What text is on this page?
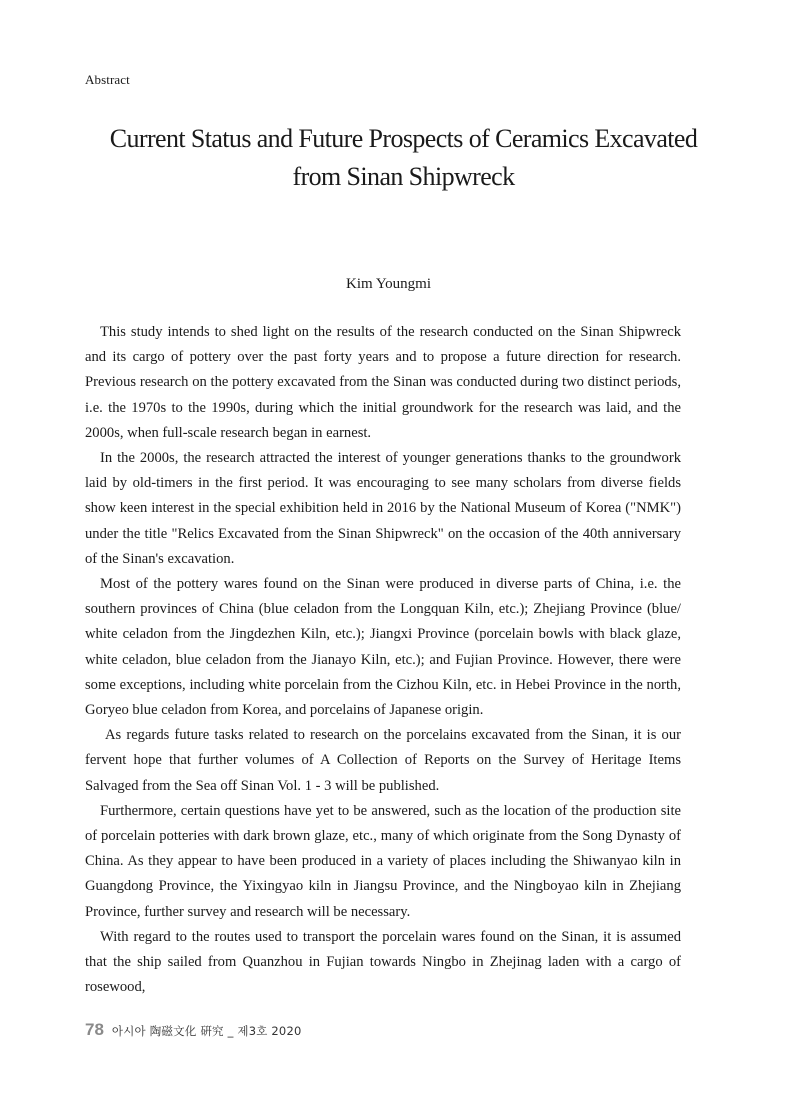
Abstract
Current Status and Future Prospects of Ceramics Excavated
from Sinan Shipwreck
Kim Youngmi

This study intends to shed light on the results of the research conducted on the Sinan Shipwreck and its cargo of pottery over the past forty years and to propose a future direction for research. Previous research on the pottery excavated from the Sinan was conducted during two distinct periods, i.e. the 1970s to the 1990s, during which the initial groundwork for the research was laid, and the 2000s, when full-scale research began in earnest.

In the 2000s, the research attracted the interest of younger generations thanks to the groundwork laid by old-timers in the first period. It was encouraging to see many scholars from diverse fields show keen interest in the special exhibition held in 2016 by the National Museum of Korea ("NMK") under the title "Relics Excavated from the Sinan Shipwreck" on the occasion of the 40th anniversary of the Sinan's excavation.

Most of the pottery wares found on the Sinan were produced in diverse parts of China, i.e. the southern provinces of China (blue celadon from the Longquan Kiln, etc.); Zhejiang Province (blue/ white celadon from the Jingdezhen Kiln, etc.); Jiangxi Province (porcelain bowls with black glaze, white celadon, blue celadon from the Jianayo Kiln, etc.); and Fujian Province. However, there were some exceptions, including white porcelain from the Cizhou Kiln, etc. in Hebei Province in the north, Goryeo blue celadon from Korea, and porcelains of Japanese origin.

As regards future tasks related to research on the porcelains excavated from the Sinan, it is our fervent hope that further volumes of A Collection of Reports on the Survey of Heritage Items Salvaged from the Sea off Sinan Vol. 1 - 3 will be published.

Furthermore, certain questions have yet to be answered, such as the location of the production site of porcelain potteries with dark brown glaze, etc., many of which originate from the Song Dynasty of China. As they appear to have been produced in a variety of places including the Shiwanyao kiln in Guangdong Province, the Yixingyao kiln in Jiangsu Province, and the Ningboyao kiln in Zhejiang Province, further survey and research will be necessary.

With regard to the routes used to transport the porcelain wares found on the Sinan, it is assumed that the ship sailed from Quanzhou in Fujian towards Ningbo in Zhejinag laden with a cargo of rosewood,

78 아시아 陶磁文化 硏究 _ 제3호 2020
